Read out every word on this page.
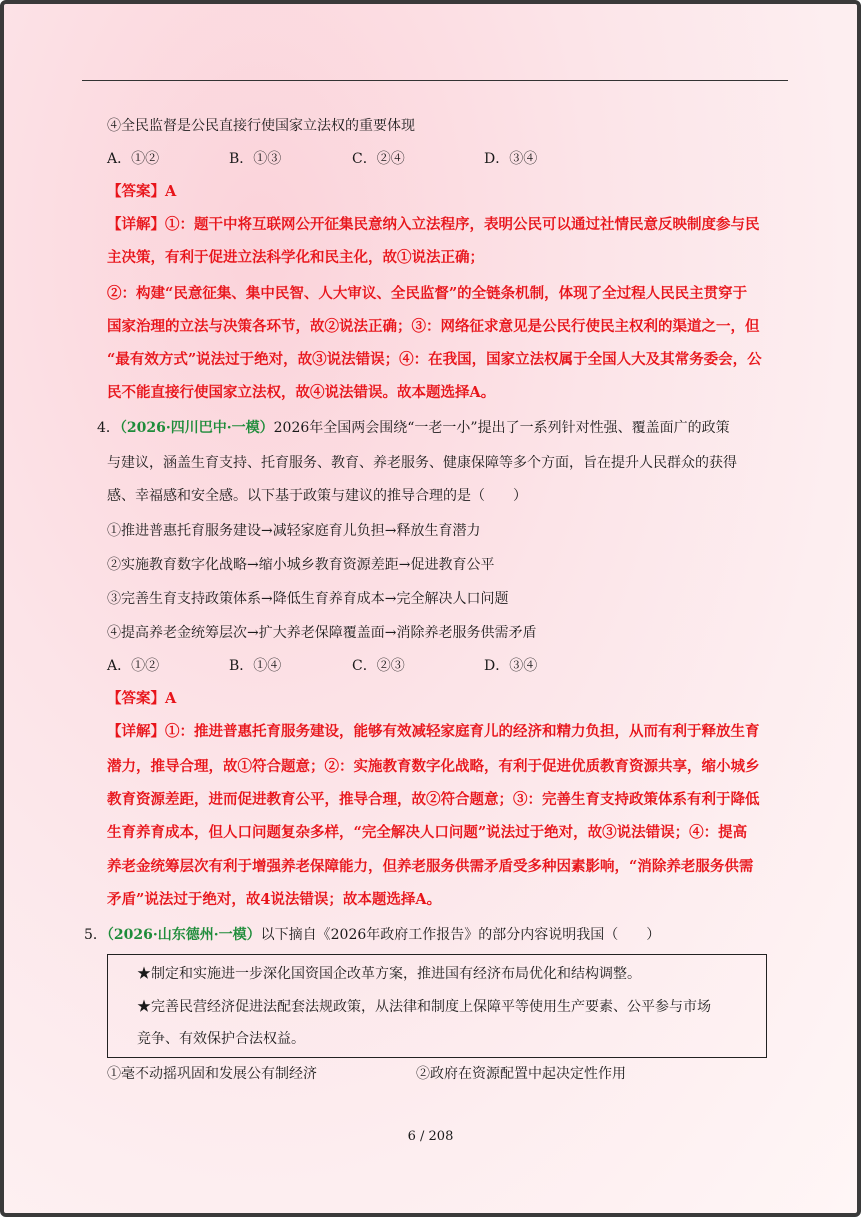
④全民监督是公民直接行使国家立法权的重要体现
A．①②	B．①③	C．②④	D．③④
【答案】A
【详解】①：题干中将互联网公开征集民意纳入立法程序，表明公民可以通过社情民意反映制度参与民
主决策，有利于促进立法科学化和民主化，故①说法正确；
②：构建“民意征集、集中民智、人大审议、全民监督”的全链条机制，体现了全过程人民民主贯穿于
国家治理的立法与决策各环节，故②说法正确；③：网络征求意见是公民行使民主权利的渠道之一，但
“最有效方式”说法过于绝对，故③说法错误；④：在我国，国家立法权属于全国人大及其常务委会，公
民不能直接行使国家立法权，故④说法错误。故本题选择A。
4．（2026·四川巴中·一模）2026年全国两会围绕“一老一小”提出了一系列针对性强、覆盖面广的政策
与建议，涵盖生育支持、托育服务、教育、养老服务、健康保障等多个方面，旨在提升人民群众的获得
感、幸福感和安全感。以下基于政策与建议的推导合理的是（　　）
①推进普惠托育服务建设→减轻家庭育儿负担→释放生育潜力
②实施教育数字化战略→缩小城乡教育资源差距→促进教育公平
③完善生育支持政策体系→降低生育养育成本→完全解决人口问题
④提高养老金统筹层次→扩大养老保障覆盖面→消除养老服务供需矛盾
A．①②	B．①④	C．②③	D．③④
【答案】A
【详解】①：推进普惠托育服务建设，能够有效减轻家庭育儿的经济和精力负担，从而有利于释放生育
潜力，推导合理，故①符合题意；②：实施教育数字化战略，有利于促进优质教育资源共享，缩小城乡
教育资源差距，进而促进教育公平，推导合理，故②符合题意；③：完善生育支持政策体系有利于降低
生育养育成本，但人口问题复杂多样，“完全解决人口问题”说法过于绝对，故③说法错误；④：提高
养老金统筹层次有利于增强养老保障能力，但养老服务供需矛盾受多种因素影响，“消除养老服务供需
矛盾”说法过于绝对，故4说法错误；故本题选择A。
5．（2026·山东德州·一模）以下摘自《2026年政府工作报告》的部分内容说明我国（　　）
★制定和实施进一步深化国资国企改革方案，推进国有经济布局优化和结构调整。
★完善民营经济促进法配套法规政策，从法律和制度上保障平等使用生产要素、公平参与市场
竞争、有效保护合法权益。
①毫不动摇巩固和发展公有制经济	②政府在资源配置中起决定性作用
6 / 208
